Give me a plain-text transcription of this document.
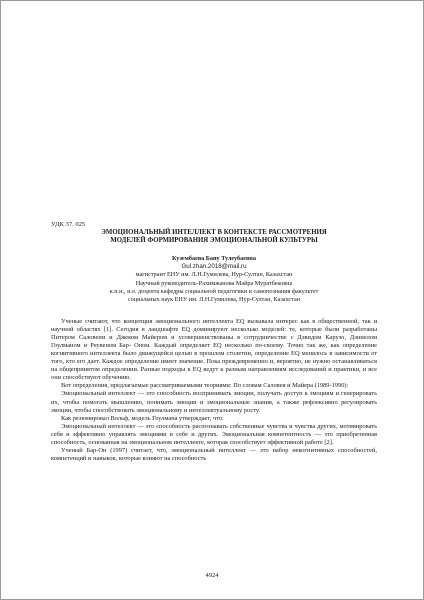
УДК 37. 025

ЭМОЦИОНАЛЬНЫЙ ИНТЕЛЛЕКТ В КОНТЕКСТЕ РАССМОТРЕНИЯ

МОДЕЛЕЙ ФОРМИРОВАНИЯ ЭМОЦИОНАЛЬНОЙ КУЛЬТУРЫ

Кузембаева Бану Тулеубаевна
Gul.zhan.2018@mail.ru
магистрант ЕНУ им. Л.Н.Гумилева, Нур-Султан, Казахстан
Научный руководитель-Рахимжанова Майра Муратбековна
к.п.н., и.о. доцента кафедры социальной педагогики и самопознания факультет
социальных наук ЕНУ им. Л.Н.Гумилева, Нур-Султан, Казахстан

Ученые считают, что концепция эмоционального интеллекта EQ вызывала интерес как в общественной, так и научной областях [1]. Сегодня в ландшафте EQ доминируют несколько моделей: те, которые были разработаны Питером Саловеем и Джеком Майером и усовершенствованы в сотрудничестве с Дэвидом Карузо, Дэниелом Гоулманом и Реувеном Бар- Оном. Каждый определяет EQ несколько по-своему. Точно так же, как определение когнитивного интеллекта было движущейся целью в прошлом столетии, определение EQ менялось в зависимости от того, кто его дает. Каждое определение имеет значение. Пока преждевременно и, вероятно, не нужно останавливаться на общепринятом определении. Разные подходы к EQ ведут к разным направлениям исследований и практики, и все они способствуют обучению.

Вот определения, предлагаемые рассматриваемыми теориями: По словам Саловея и Майера (1989-1990):

Эмоциональный интеллект — это способность воспринимать эмоции, получать доступ к эмоциям и генерировать их, чтобы помогать мышлению, понимать эмоции и эмоциональные знания, а также рефлексивно регулировать эмоции, чтобы способствовать эмоциональному и интеллектуальному росту.

Как резюмировал Вольф, модель Гоулмана утверждает, что:

Эмоциональный интеллект — это способность распознавать собственные чувства и чувства других, мотивировать себя и эффективно управлять эмоциями в себе и других. Эмоциональная компетентность — это приобретенная способность, основанная на эмоциональном интеллекте, которая способствует эффективной работе [2].

Ученый Бар-Он (1997) считает, что, эмоциональный интеллект — это набор некогнитивных способностей, компетенций и навыков, которые влияют на способность

4924
